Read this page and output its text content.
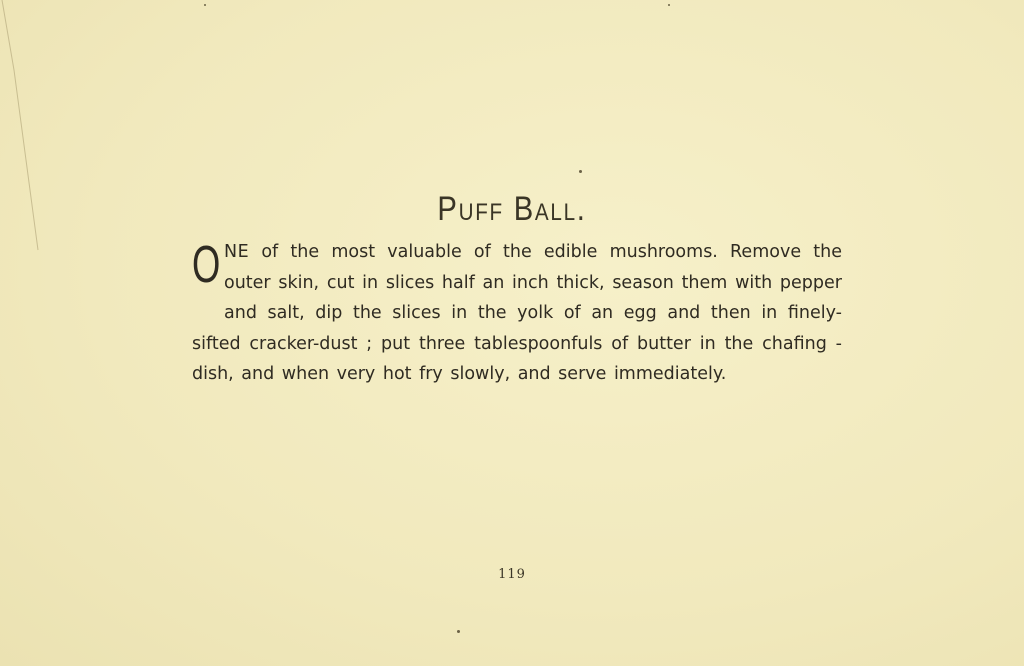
Puff Ball.
ONE of the most valuable of the edible mushrooms. Remove the outer skin, cut in slices half an inch thick, season them with pepper and salt, dip the slices in the yolk of an egg and then in finely-sifted cracker-dust ; put three tablespoonfuls of butter in the chafing - dish, and when very hot fry slowly, and serve immediately.
119
